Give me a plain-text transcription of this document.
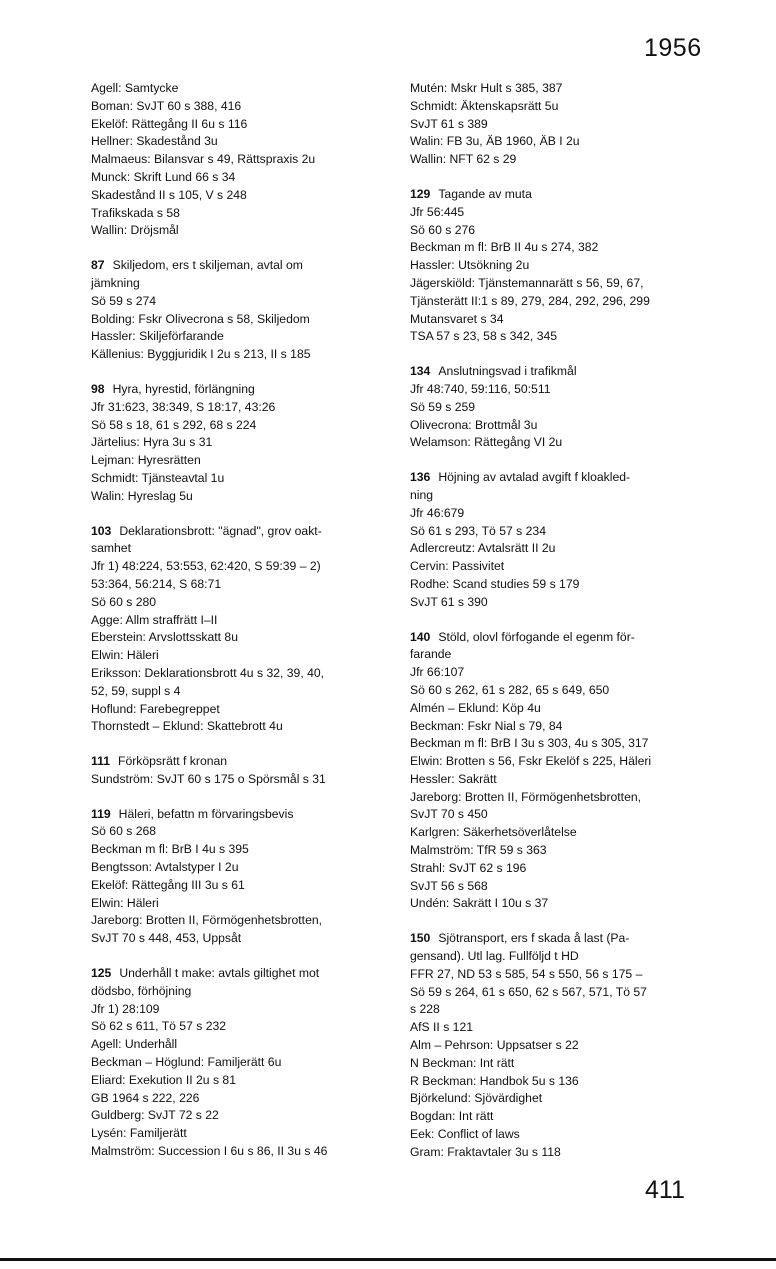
1956
Agell: Samtycke
Boman: SvJT 60 s 388, 416
Ekelöf: Rättegång II 6u s 116
Hellner: Skadestånd 3u
Malmaeus: Bilansvar s 49, Rättspraxis 2u
Munck: Skrift Lund 66 s 34
Skadestånd II s 105, V s 248
Trafikskada s 58
Wallin: Dröjsmål
87 Skiljedom, ers t skiljeman, avtal om
jämkning
Sö 59 s 274
Bolding: Fskr Olivecrona s 58, Skiljedom
Hassler: Skiljeförfarande
Källenius: Byggjuridik I 2u s 213, II s 185
98 Hyra, hyrestid, förlängning
Jfr 31:623, 38:349, S 18:17, 43:26
Sö 58 s 18, 61 s 292, 68 s 224
Järtelius: Hyra 3u s 31
Lejman: Hyresrätten
Schmidt: Tjänsteavtal 1u
Walin: Hyreslag 5u
103 Deklarationsbrott: "ägnad", grov oakt-
samhet
Jfr 1) 48:224, 53:553, 62:420, S 59:39 – 2)
53:364, 56:214, S 68:71
Sö 60 s 280
Agge: Allm straffrätt I–II
Eberstein: Arvslottsskatt 8u
Elwin: Häleri
Eriksson: Deklarationsbrott 4u s 32, 39, 40,
52, 59, suppl s 4
Hoflund: Farebegreppet
Thornstedt – Eklund: Skattebrott 4u
111 Förköpsrätt f kronan
Sundström: SvJT 60 s 175 o Spörsmål s 31
119 Häleri, befattn m förvaringsbevis
Sö 60 s 268
Beckman m fl: BrB I 4u s 395
Bengtsson: Avtalstyper I 2u
Ekelöf: Rättegång III 3u s 61
Elwin: Häleri
Jareborg: Brotten II, Förmögenhetsbrotten,
SvJT 70 s 448, 453, Uppsåt
125 Underhåll t make: avtals giltighet mot
dödsbo, förhöjning
Jfr 1) 28:109
Sö 62 s 611, Tö 57 s 232
Agell: Underhåll
Beckman – Höglund: Familjerätt 6u
Eliard: Exekution II 2u s 81
GB 1964 s 222, 226
Guldberg: SvJT 72 s 22
Lysén: Familjerätt
Malmström: Succession I 6u s 86, II 3u s 46
Mutén: Mskr Hult s 385, 387
Schmidt: Äktenskapsrätt 5u
SvJT 61 s 389
Walin: FB 3u, ÄB 1960, ÄB I 2u
Wallin: NFT 62 s 29
129 Tagande av muta
Jfr 56:445
Sö 60 s 276
Beckman m fl: BrB II 4u s 274, 382
Hassler: Utsökning 2u
Jägerskiöld: Tjänstemannarätt s 56, 59, 67,
Tjänsterätt II:1 s 89, 279, 284, 292, 296, 299
Mutansvaret s 34
TSA 57 s 23, 58 s 342, 345
134 Anslutningsvad i trafikmål
Jfr 48:740, 59:116, 50:511
Sö 59 s 259
Olivecrona: Brottmål 3u
Welamson: Rättegång VI 2u
136 Höjning av avtalad avgift f kloakled-
ning
Jfr 46:679
Sö 61 s 293, Tö 57 s 234
Adlercreutz: Avtalsrätt II 2u
Cervin: Passivitet
Rodhe: Scand studies 59 s 179
SvJT 61 s 390
140 Stöld, olovl förfogande el egenm för-
farande
Jfr 66:107
Sö 60 s 262, 61 s 282, 65 s 649, 650
Almén – Eklund: Köp 4u
Beckman: Fskr Nial s 79, 84
Beckman m fl: BrB I 3u s 303, 4u s 305, 317
Elwin: Brotten s 56, Fskr Ekelöf s 225, Häleri
Hessler: Sakrätt
Jareborg: Brotten II, Förmögenhetsbrotten,
SvJT 70 s 450
Karlgren: Säkerhetsöverlåtelse
Malmström: TfR 59 s 363
Strahl: SvJT 62 s 196
SvJT 56 s 568
Undén: Sakrätt I 10u s 37
150 Sjötransport, ers f skada å last (Pa-
gensand). Utl lag. Fullföljd t HD
FFR 27, ND 53 s 585, 54 s 550, 56 s 175 –
Sö 59 s 264, 61 s 650, 62 s 567, 571, Tö 57
s 228
AfS II s 121
Alm – Pehrson: Uppsatser s 22
N Beckman: Int rätt
R Beckman: Handbok 5u s 136
Björkelund: Sjövärdighet
Bogdan: Int rätt
Eek: Conflict of laws
Gram: Fraktavtaler 3u s 118
411
